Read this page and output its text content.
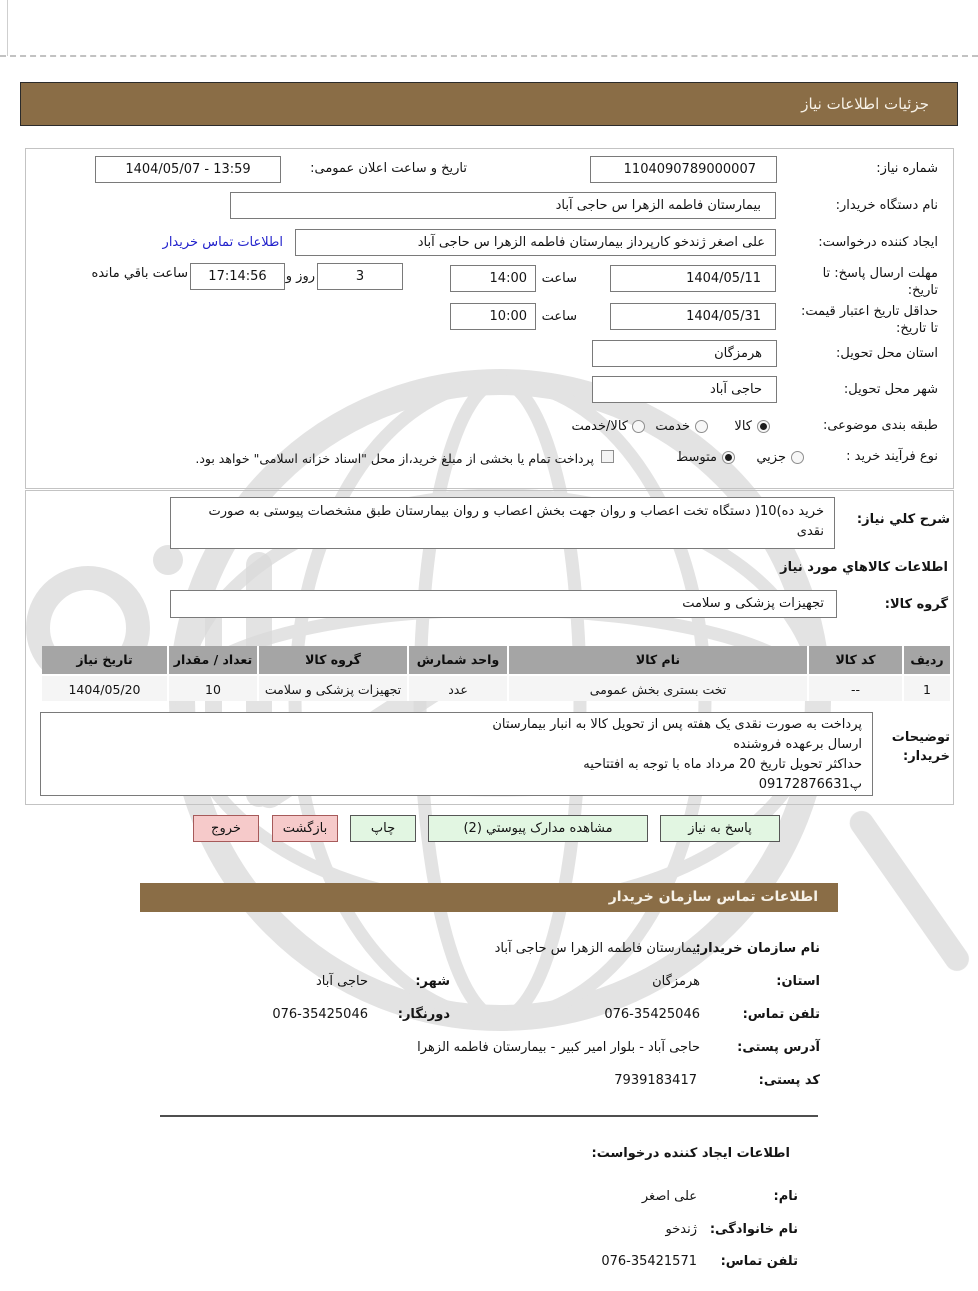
جزئیات اطلاعات نیاز
شماره نیاز:
1104090789000007
تاریخ و ساعت اعلان عمومی:
1404/05/07 - 13:59
نام دستگاه خریدار:
بیمارستان فاطمه الزهرا س حاجی آباد
ایجاد کننده درخواست:
علی اصغر ژندخو کارپرداز بیمارستان فاطمه الزهرا س حاجی آباد
اطلاعات تماس خریدار
مهلت ارسال پاسخ: تا تاریخ:
1404/05/11
ساعت
14:00
3
روز و
17:14:56
ساعت باقي مانده
حداقل تاریخ اعتبار قیمت: تا تاریخ:
1404/05/31
ساعت
10:00
استان محل تحویل:
هرمزگان
شهر محل تحویل:
حاجی آباد
طبقه بندی موضوعی:
کالا
خدمت
کالا/خدمت
نوع فرآیند خرید :
جزیي
متوسط
پرداخت تمام یا بخشی از مبلغ خرید،از محل "اسناد خزانه اسلامی" خواهد بود.
شرح کلي نیاز:
خرید ده)10( دستگاه تخت اعصاب و روان جهت بخش اعصاب و روان بیمارستان طبق مشخصات پیوستی به صورت نقدی
اطلاعات کالاهاي مورد نیاز
گروه کالا:
تجهیزات پزشکی و سلامت
ردیف
کد کالا
نام کالا
واحد شمارش
گروه کالا
تعداد / مقدار
تاریخ نیاز
1
--
تخت بستری بخش عمومی
عدد
تجهیزات پزشکی و سلامت
10
1404/05/20
توضیحات خریدار:
پرداخت به صورت نقدی یک هفته پس از تحویل کالا به انبار بیمارستان
ارسال برعهده فروشنده
حداکثر تحویل تاریخ 20 مرداد ماه با توجه به افتتاحیه
پ09172876631
پاسخ به نیاز
مشاهده مدارک پیوستي (2)
چاپ
بازگشت
خروج
اطلاعات تماس سازمان خریدار
نام سازمان خریدار:
بیمارستان فاطمه الزهرا س حاجی آباد
استان:
هرمزگان
شهر:
حاجی آباد
تلفن تماس:
076-35425046
دورنگار:
076-35425046
آدرس پستی:
حاجی آباد - بلوار امیر کبیر - بیمارستان فاطمه الزهرا
کد پستی:
7939183417
اطلاعات ایجاد کننده درخواست:
نام:
علی اصغر
نام خانوادگی:
ژندخو
تلفن تماس:
076-35421571
